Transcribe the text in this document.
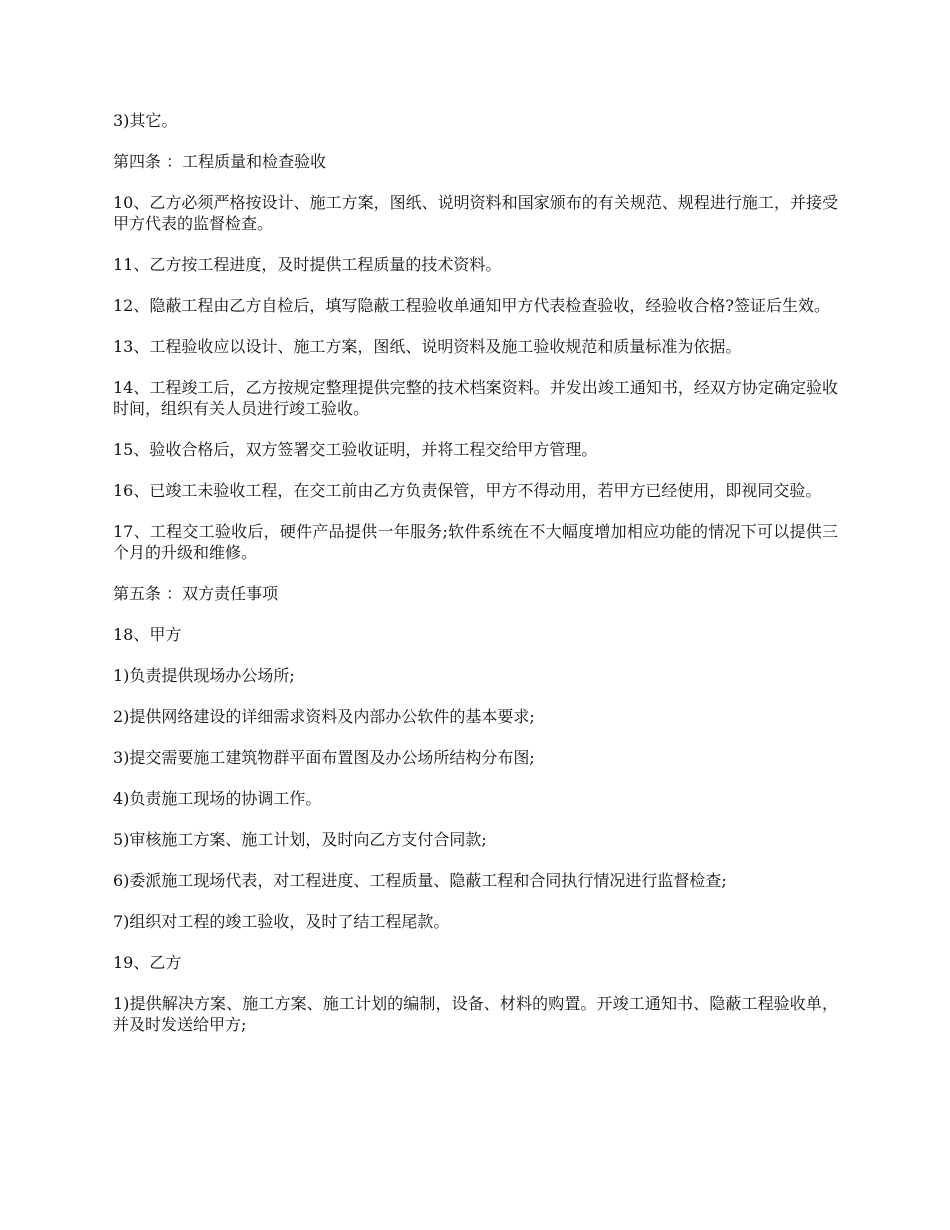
3)其它。

第四条 ：工程质量和检查验收

10、乙方必须严格按设计、施工方案，图纸、说明资料和国家颁布的有关规范、规程进行施工，并接受甲方代表的监督检查。

11、乙方按工程进度，及时提供工程质量的技术资料。

12、隐蔽工程由乙方自检后，填写隐蔽工程验收单通知甲方代表检查验收，经验收合格?签证后生效。

13、工程验收应以设计、施工方案，图纸、说明资料及施工验收规范和质量标准为依据。

14、工程竣工后，乙方按规定整理提供完整的技术档案资料。并发出竣工通知书，经双方协定确定验收时间，组织有关人员进行竣工验收。

15、验收合格后，双方签署交工验收证明，并将工程交给甲方管理。

16、已竣工未验收工程，在交工前由乙方负责保管，甲方不得动用，若甲方已经使用，即视同交验。

17、工程交工验收后，硬件产品提供一年服务;软件系统在不大幅度增加相应功能的情况下可以提供三个月的升级和维修。

第五条 ：双方责任事项

18、甲方

1)负责提供现场办公场所;

2)提供网络建设的详细需求资料及内部办公软件的基本要求;

3)提交需要施工建筑物群平面布置图及办公场所结构分布图;

4)负责施工现场的协调工作。

5)审核施工方案、施工计划，及时向乙方支付合同款;

6)委派施工现场代表，对工程进度、工程质量、隐蔽工程和合同执行情况进行监督检查;

7)组织对工程的竣工验收，及时了结工程尾款。

19、乙方

1)提供解决方案、施工方案、施工计划的编制，设备、材料的购置。开竣工通知书、隐蔽工程验收单，并及时发送给甲方;
